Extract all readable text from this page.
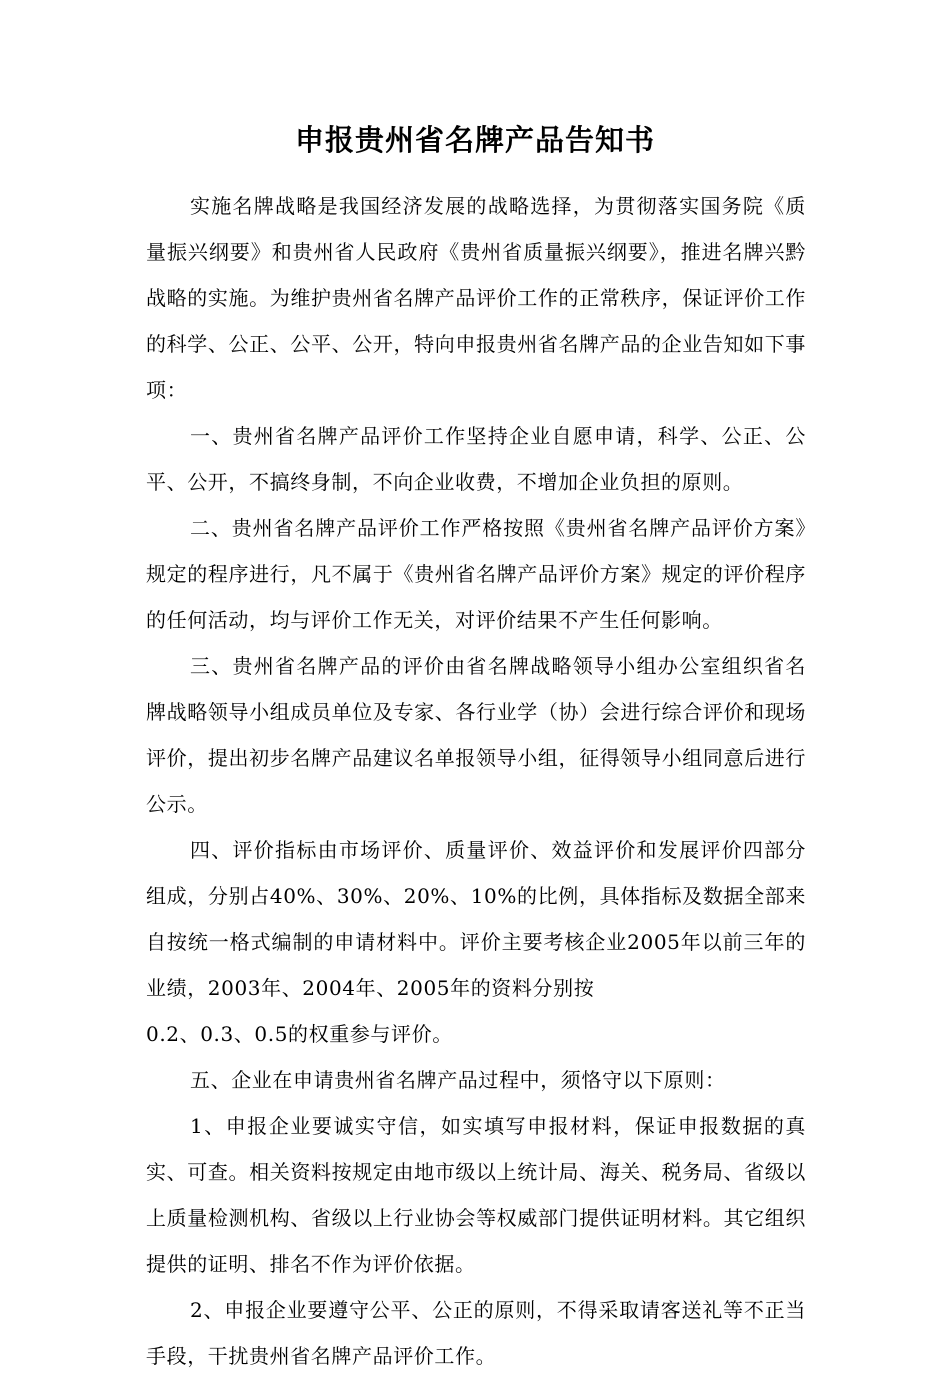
申报贵州省名牌产品告知书

实施名牌战略是我国经济发展的战略选择，为贯彻落实国务院《质量振兴纲要》和贵州省人民政府《贵州省质量振兴纲要》，推进名牌兴黔战略的实施。为维护贵州省名牌产品评价工作的正常秩序，保证评价工作的科学、公正、公平、公开，特向申报贵州省名牌产品的企业告知如下事项：

一、贵州省名牌产品评价工作坚持企业自愿申请，科学、公正、公平、公开，不搞终身制，不向企业收费，不增加企业负担的原则。

二、贵州省名牌产品评价工作严格按照《贵州省名牌产品评价方案》规定的程序进行，凡不属于《贵州省名牌产品评价方案》规定的评价程序的任何活动，均与评价工作无关，对评价结果不产生任何影响。

三、贵州省名牌产品的评价由省名牌战略领导小组办公室组织省名牌战略领导小组成员单位及专家、各行业学（协）会进行综合评价和现场评价，提出初步名牌产品建议名单报领导小组，征得领导小组同意后进行公示。

四、评价指标由市场评价、质量评价、效益评价和发展评价四部分组成，分别占40%、30%、20%、10%的比例，具体指标及数据全部来自按统一格式编制的申请材料中。评价主要考核企业2005年以前三年的业绩，2003年、2004年、2005年的资料分别按

0.2、0.3、0.5的权重参与评价。

五、企业在申请贵州省名牌产品过程中，须恪守以下原则：

1、申报企业要诚实守信，如实填写申报材料，保证申报数据的真实、可查。相关资料按规定由地市级以上统计局、海关、税务局、省级以上质量检测机构、省级以上行业协会等权威部门提供证明材料。其它组织提供的证明、排名不作为评价依据。

2、申报企业要遵守公平、公正的原则，不得采取请客送礼等不正当手段，干扰贵州省名牌产品评价工作。
